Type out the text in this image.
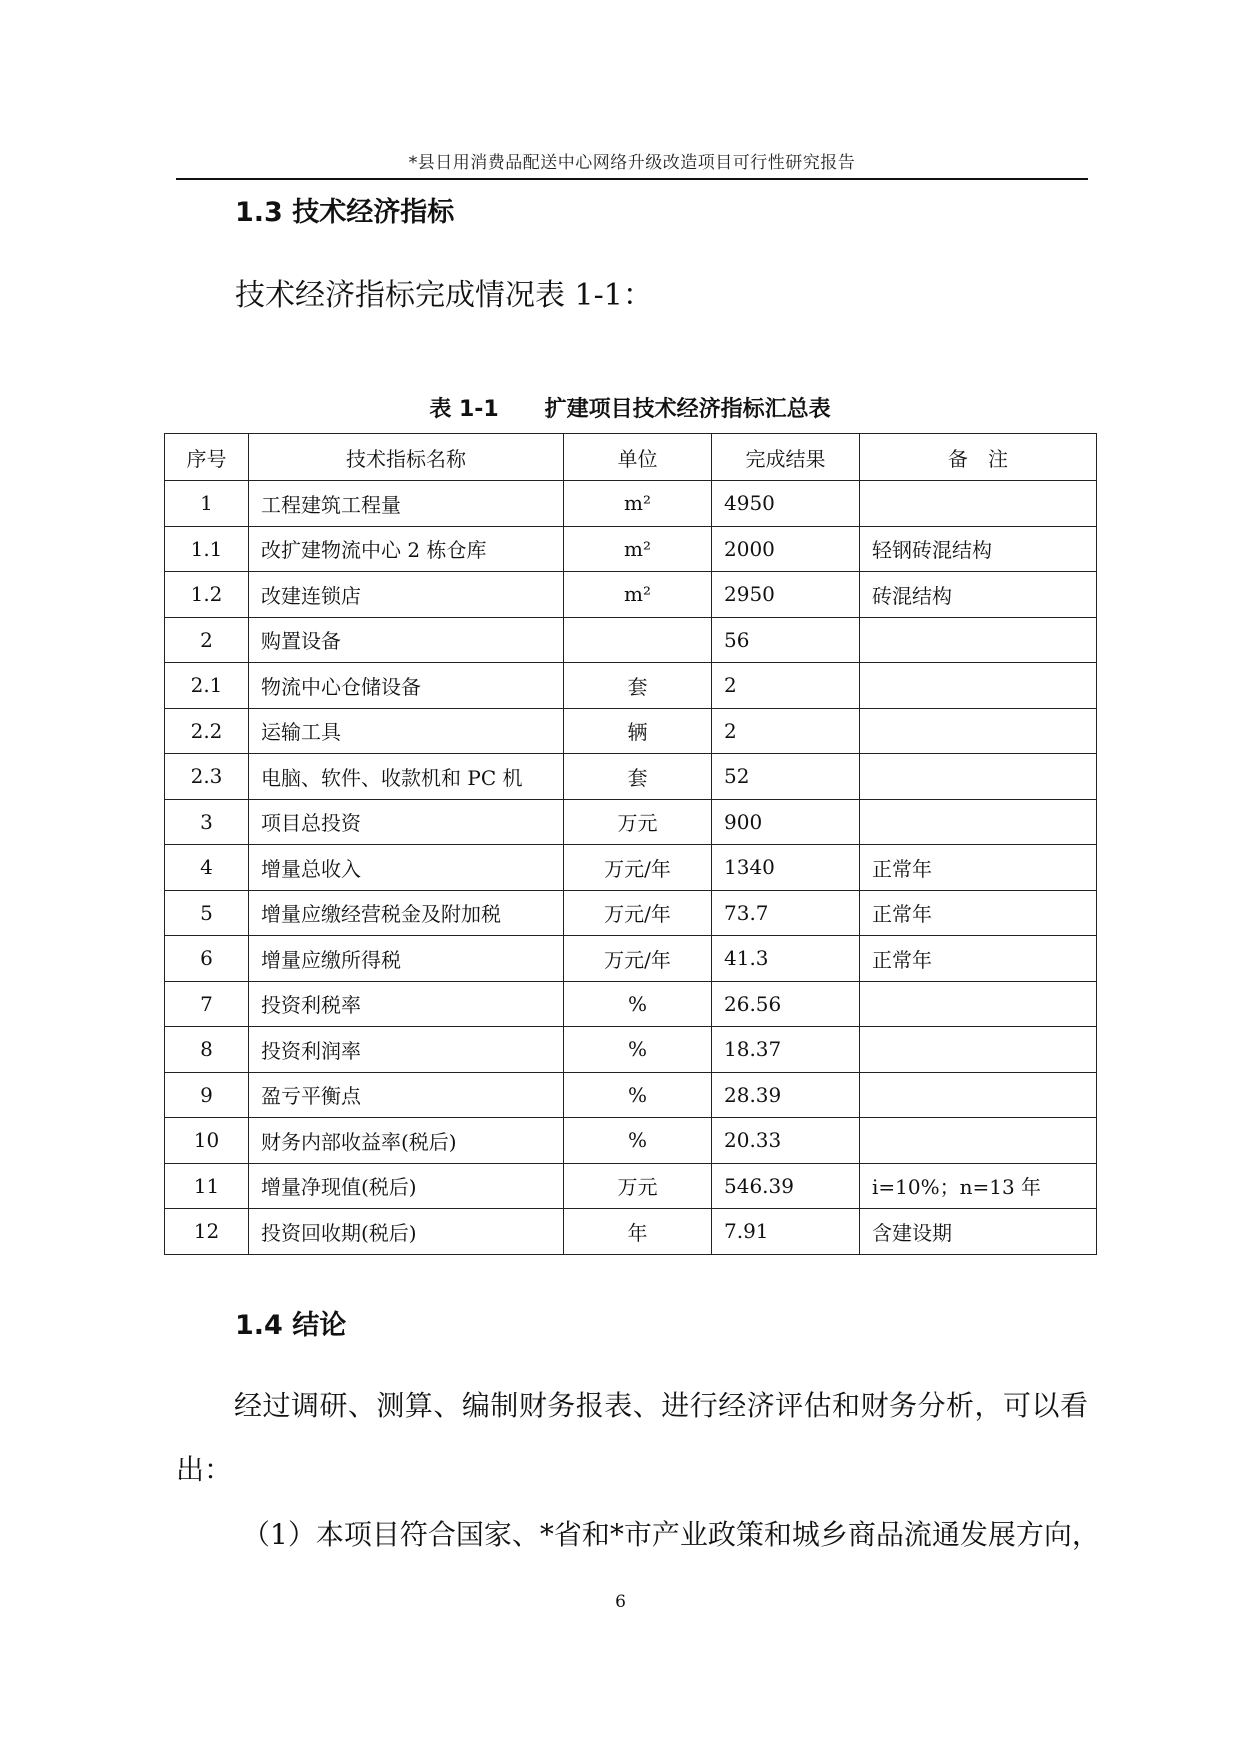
*县日用消费品配送中心网络升级改造项目可行性研究报告
1.3 技术经济指标
技术经济指标完成情况表 1-1：
表 1-1      扩建项目技术经济指标汇总表
序号	技术指标名称	单位	完成结果	备　注
1	工程建筑工程量	m²	4950	
1.1	改扩建物流中心 2 栋仓库	m²	2000	轻钢砖混结构
1.2	改建连锁店	m²	2950	砖混结构
2	购置设备		56	
2.1	物流中心仓储设备	套	2	
2.2	运输工具	辆	2	
2.3	电脑、软件、收款机和 PC 机	套	52	
3	项目总投资	万元	900	
4	增量总收入	万元/年	1340	正常年
5	增量应缴经营税金及附加税	万元/年	73.7	正常年
6	增量应缴所得税	万元/年	41.3	正常年
7	投资利税率	%	26.56	
8	投资利润率	%	18.37	
9	盈亏平衡点	%	28.39	
10	财务内部收益率(税后)	%	20.33	
11	增量净现值(税后)	万元	546.39	i=10%；n=13 年
12	投资回收期(税后)	年	7.91	含建设期
1.4 结论
经过调研、测算、编制财务报表、进行经济评估和财务分析，可以看出：
（1）本项目符合国家、*省和*市产业政策和城乡商品流通发展方向，
6
